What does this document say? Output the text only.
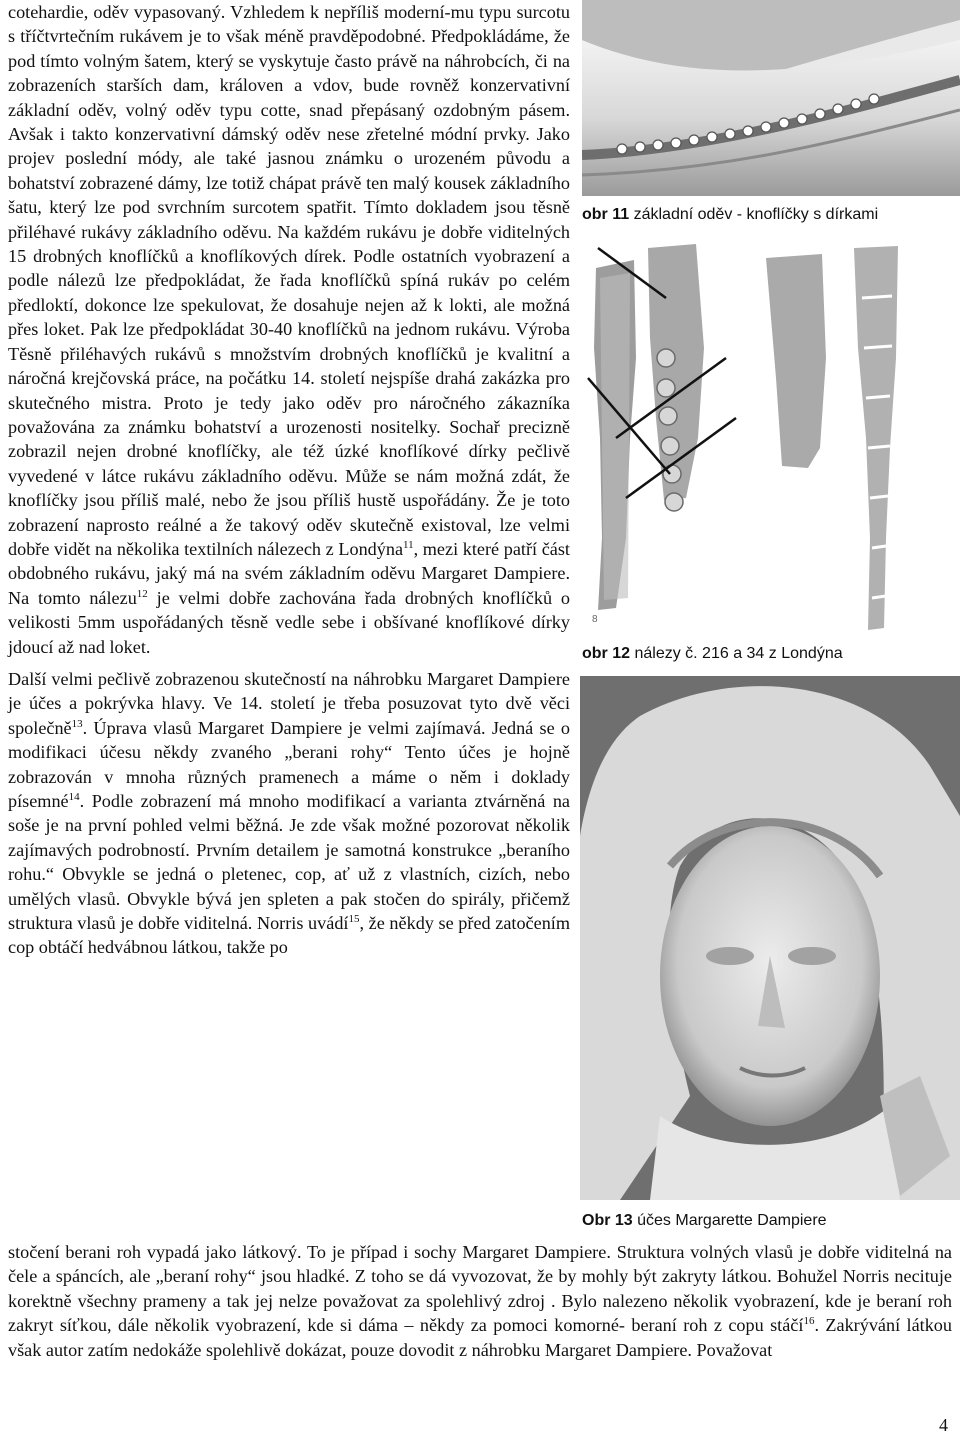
cotehardie, oděv vypasovaný. Vzhledem k nepříliš moderní-mu typu surcotu s tříčtvrtečním rukávem je to však méně pravděpodobné. Předpokládáme, že pod tímto volným šatem, který se vyskytuje často právě na náhrobcích, či na zobrazeních starších dam, královen a vdov, bude rovněž konzervativní základní oděv, volný oděv typu cotte, snad přepásaný ozdobným pásem. Avšak i takto konzervativní dámský oděv nese zřetelné módní prvky. Jako projev poslední módy, ale také jasnou známku o urozeném původu a bohatství zobrazené dámy, lze totiž chápat právě ten malý kousek základního šatu, který lze pod svrchním surcotem spatřit. Tímto dokladem jsou těsně přiléhavé rukávy základního oděvu. Na každém rukávu je dobře viditelných 15 drobných knoflíčků a knoflíkových dírek. Podle ostatních vyobrazení a podle nálezů lze předpokládat, že řada knoflíčků spíná rukáv po celém předloktí, dokonce lze spekulovat, že dosahuje nejen až k lokti, ale možná přes loket. Pak lze předpokládat 30-40 knoflíčků na jednom rukávu. Výroba Těsně přiléhavých rukávů s množstvím drobných knoflíčků je kvalitní a náročná krejčovská práce, na počátku 14. století nejspíše drahá zakázka pro skutečného mistra. Proto je tedy jako oděv pro náročného zákazníka považována za známku bohatství a urozenosti nositelky. Sochař precizně zobrazil nejen drobné knoflíčky, ale též úzké knoflíkové dírky pečlivě vyvedené v látce rukávu základního oděvu. Může se nám možná zdát, že knoflíčky jsou příliš malé, nebo že jsou příliš hustě uspořádány. Že je toto zobrazení naprosto reálné a že takový oděv skutečně existoval, lze velmi dobře vidět na několika textilních nálezech z Londýna$^{11}$, mezi které patří část obdobného rukávu, jaký má na svém základním oděvu Margaret Dampiere. Na tomto nálezu$^{12}$ je velmi dobře zachována řada drobných knoflíčků o velikosti 5mm uspořádaných těsně vedle sebe i obšívané knoflíkové dírky jdoucí až nad loket.

Další velmi pečlivě zobrazenou skutečností na náhrobku Margaret Dampiere je účes a pokrývka hlavy. Ve 14. století je třeba posuzovat tyto dvě věci společně$^{13}$. Úprava vlasů Margaret Dampiere je velmi zajímavá. Jedná se o modifikaci účesu někdy zvaného „berani rohy“ Tento účes je hojně zobrazován v mnoha různých pramenech a máme o něm i doklady písemné$^{14}$. Podle zobrazení má mnoho modifikací a varianta ztvárněná na soše je na první pohled velmi běžná. Je zde však možné pozorovat několik zajímavých podrobností. Prvním detailem je samotná konstrukce „beraního rohu.“ Obvykle se jedná o pletenec, cop, ať už z vlastních, cizích, nebo umělých vlasů. Obvykle bývá jen spleten a pak stočen do spirály, přičemž struktura vlasů je dobře viditelná. Norris uvádí$^{15}$, že někdy se před zatočením cop obtáčí hedvábnou látkou, takže po

obr 11 základní oděv - knoflíčky s dírkami
8
obr 12 nálezy č. 216 a 34 z Londýna
Obr 13 účes Margarette Dampiere

stočení berani roh vypadá jako látkový. To je případ i sochy Margaret Dampiere. Struktura volných vlasů je dobře viditelná na čele a spáncích, ale „beraní rohy“ jsou hladké. Z toho se dá vyvozovat, že by mohly být zakryty látkou. Bohužel Norris necituje korektně všechny prameny a tak jej nelze považovat za spolehlivý zdroj . Bylo nalezeno několik vyobrazení, kde je beraní roh zakryt síťkou, dále několik vyobrazení, kde si dáma – někdy za pomoci komorné- beraní roh z copu stáčí$^{16}$. Zakrývání látkou však autor zatím nedokáže spolehlivě dokázat, pouze dovodit z náhrobku Margaret Dampiere. Považovat

4
